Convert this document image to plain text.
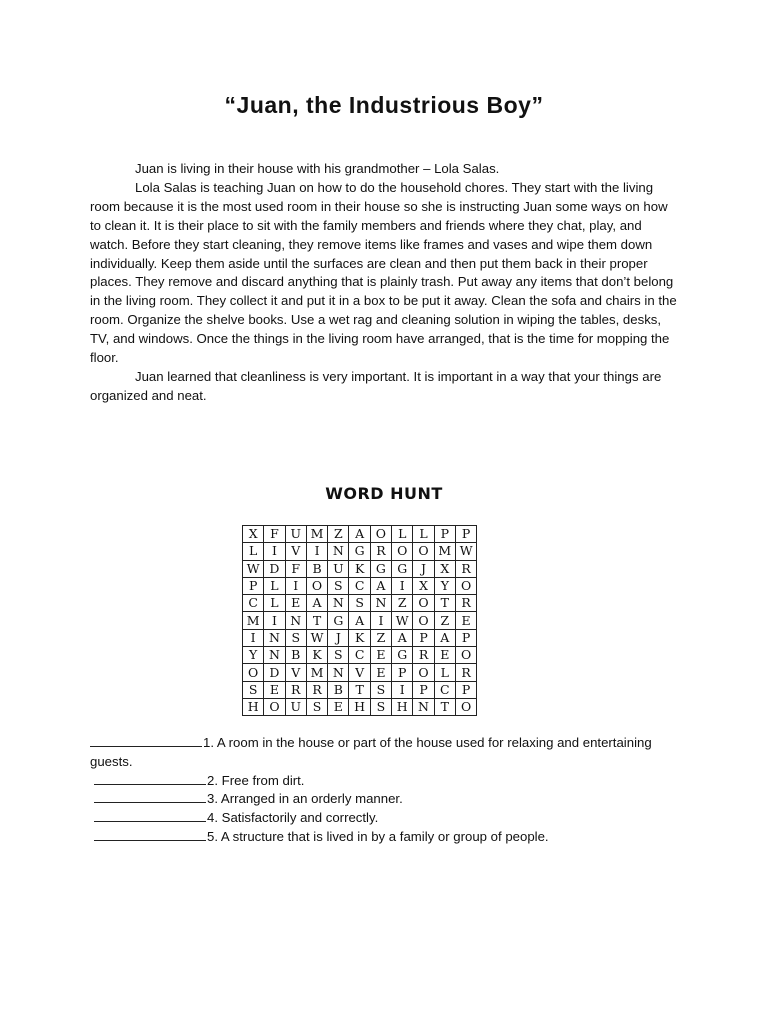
“Juan, the Industrious Boy”

Juan is living in their house with his grandmother – Lola Salas.

Lola Salas is teaching Juan on how to do the household chores. They start with the living room because it is the most used room in their house so she is instructing Juan some ways on how to clean it. It is their place to sit with the family members and friends where they chat, play, and watch. Before they start cleaning, they remove items like frames and vases and wipe them down individually. Keep them aside until the surfaces are clean and then put them back in their proper places. They remove and discard anything that is plainly trash. Put away any items that don’t belong in the living room. They collect it and put it in a box to be put it away. Clean the sofa and chairs in the room. Organize the shelve books. Use a wet rag and cleaning solution in wiping the tables, desks, TV, and windows. Once the things in the living room have arranged, that is the time for mopping the floor.

Juan learned that cleanliness is very important. It is important in a way that your things are organized and neat.

WORD HUNT
X	F	U	M	Z	A	O	L	L	P	P
L	I	V	I	N	G	R	O	O	M	W
W	D	F	B	U	K	G	G	J	X	R
P	L	I	O	S	C	A	I	X	Y	O
C	L	E	A	N	S	N	Z	O	T	R
M	I	N	T	G	A	I	W	O	Z	E
I	N	S	W	J	K	Z	A	P	A	P
Y	N	B	K	S	C	E	G	R	E	O
O	D	V	M	N	V	E	P	O	L	R
S	E	R	R	B	T	S	I	P	C	P
H	O	U	S	E	H	S	H	N	T	O

1. A room in the house or part of the house used for relaxing and entertaining guests.

2. Free from dirt.

3. Arranged in an orderly manner.

4. Satisfactorily and correctly.

5. A structure that is lived in by a family or group of people.
